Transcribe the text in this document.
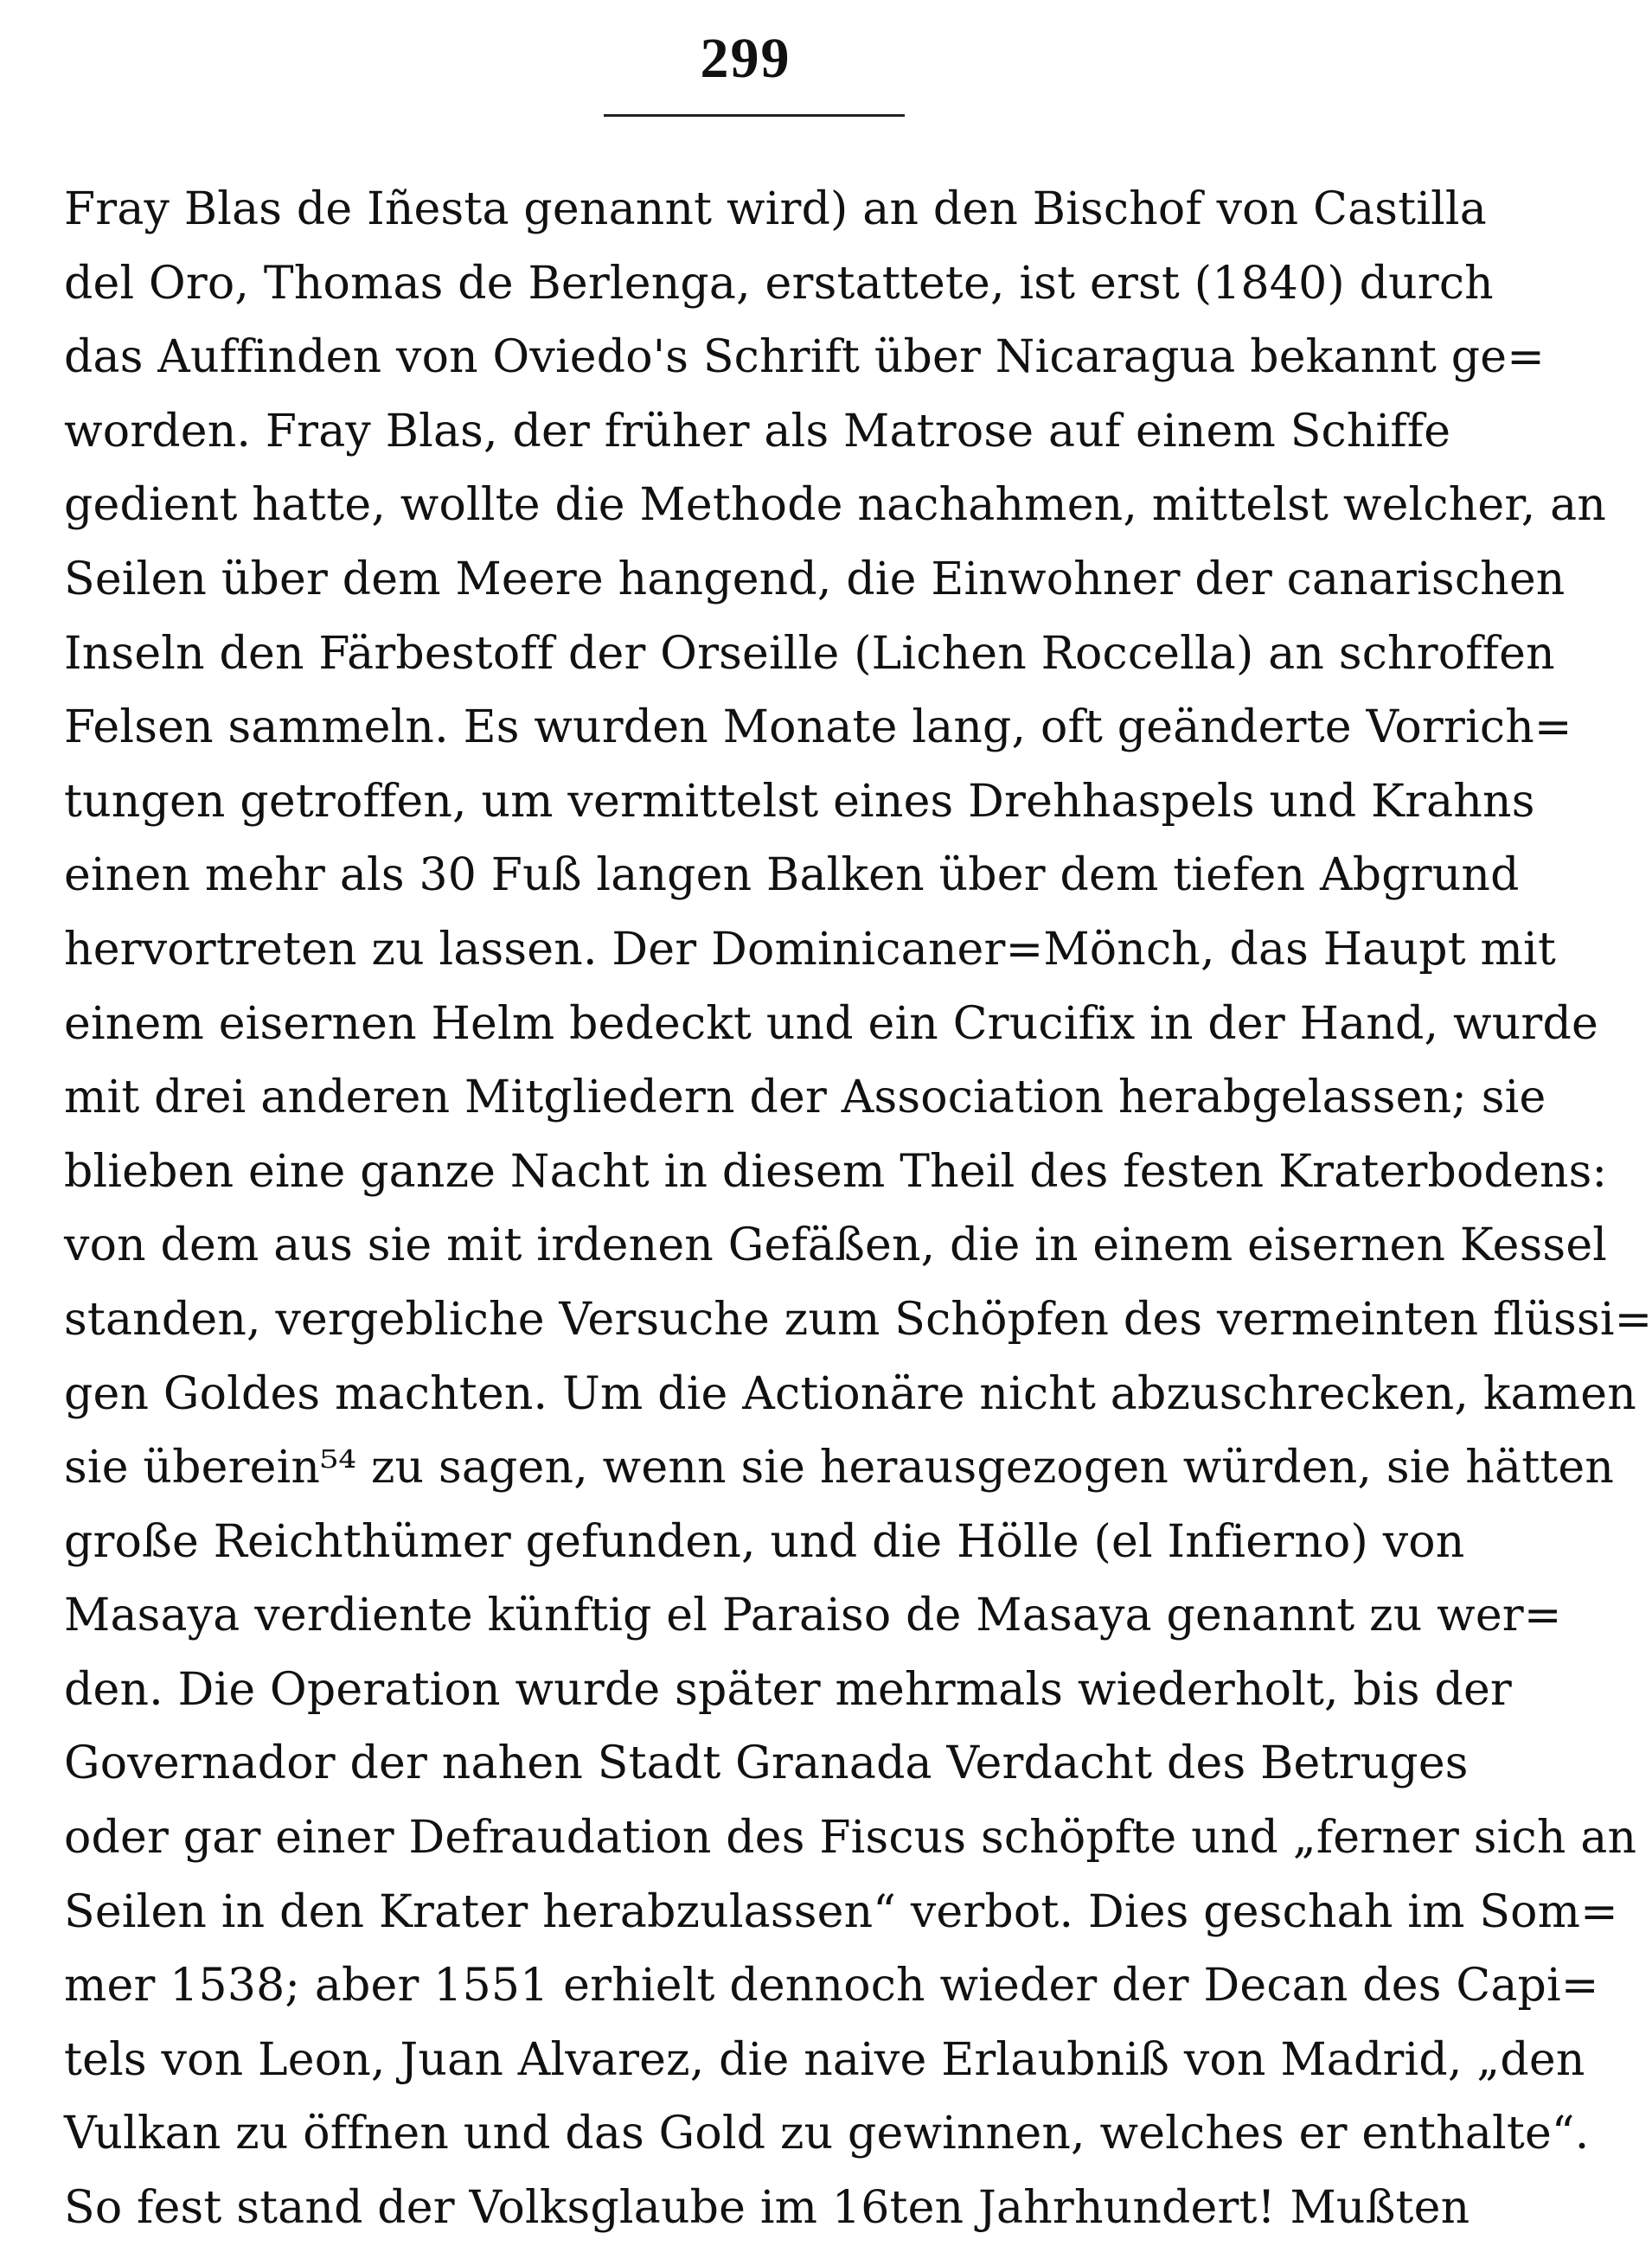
299
Fray Blas de Iñesta genannt wird) an den Bischof von Castilla
del Oro, Thomas de Berlenga, erstattete, ist erst (1840) durch
das Auffinden von Oviedo's Schrift über Nicaragua bekannt ge=
worden. Fray Blas, der früher als Matrose auf einem Schiffe
gedient hatte, wollte die Methode nachahmen, mittelst welcher, an
Seilen über dem Meere hangend, die Einwohner der canarischen
Inseln den Färbestoff der Orseille (Lichen Roccella) an schroffen
Felsen sammeln. Es wurden Monate lang, oft geänderte Vorrich=
tungen getroffen, um vermittelst eines Drehhaspels und Krahns
einen mehr als 30 Fuß langen Balken über dem tiefen Abgrund
hervortreten zu lassen. Der Dominicaner=Mönch, das Haupt mit
einem eisernen Helm bedeckt und ein Crucifix in der Hand, wurde
mit drei anderen Mitgliedern der Association herabgelassen; sie
blieben eine ganze Nacht in diesem Theil des festen Kraterbodens:
von dem aus sie mit irdenen Gefäßen, die in einem eisernen Kessel
standen, vergebliche Versuche zum Schöpfen des vermeinten flüssi=
gen Goldes machten. Um die Actionäre nicht abzuschrecken, kamen
sie überein⁵⁴ zu sagen, wenn sie herausgezogen würden, sie hätten
große Reichthümer gefunden, und die Hölle (el Infierno) von
Masaya verdiente künftig el Paraiso de Masaya genannt zu wer=
den. Die Operation wurde später mehrmals wiederholt, bis der
Governador der nahen Stadt Granada Verdacht des Betruges
oder gar einer Defraudation des Fiscus schöpfte und „ferner sich an
Seilen in den Krater herabzulassen“ verbot. Dies geschah im Som=
mer 1538; aber 1551 erhielt dennoch wieder der Decan des Capi=
tels von Leon, Juan Alvarez, die naive Erlaubniß von Madrid, „den
Vulkan zu öffnen und das Gold zu gewinnen, welches er enthalte“.
So fest stand der Volksglaube im 16ten Jahrhundert! Mußten
